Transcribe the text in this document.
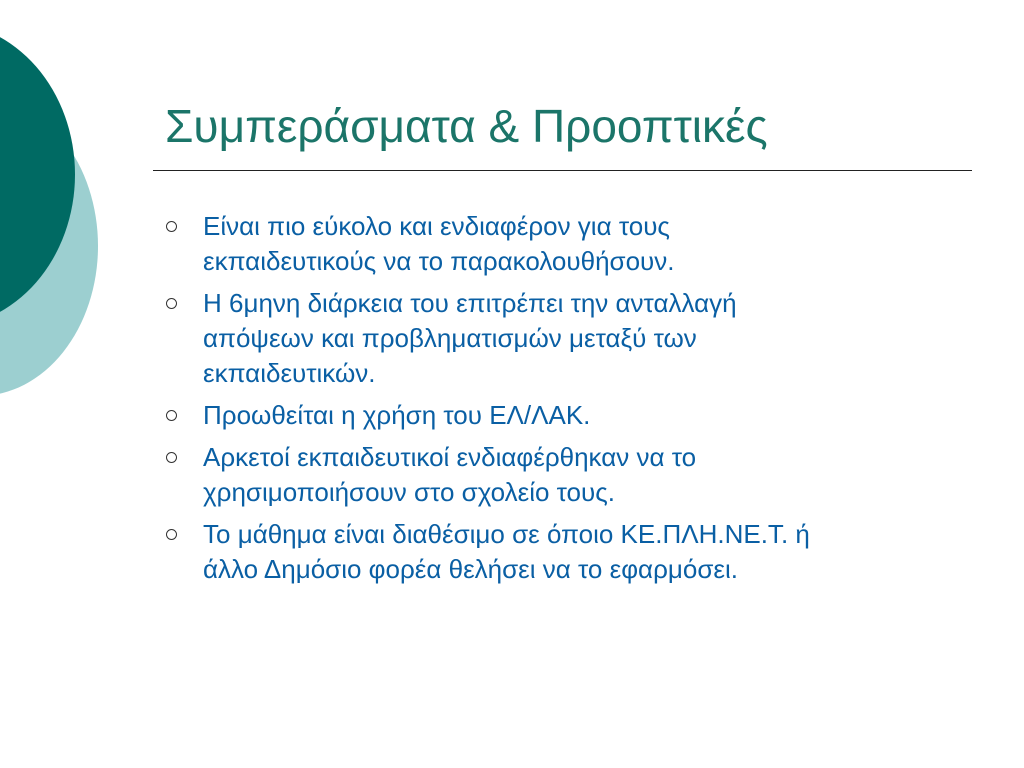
Συμπεράσματα & Προοπτικές
Είναι πιο εύκολο και ενδιαφέρον για τους
εκπαιδευτικούς να το παρακολουθήσουν.
Η 6μηνη διάρκεια του επιτρέπει την ανταλλαγή
απόψεων και προβληματισμών μεταξύ των
εκπαιδευτικών.
Προωθείται η χρήση του ΕΛ/ΛΑΚ.
Αρκετοί εκπαιδευτικοί ενδιαφέρθηκαν να το
χρησιμοποιήσουν στο σχολείο τους.
Το μάθημα είναι διαθέσιμο σε όποιο ΚΕ.ΠΛΗ.ΝΕ.Τ. ή
άλλο Δημόσιο φορέα θελήσει να το εφαρμόσει.
